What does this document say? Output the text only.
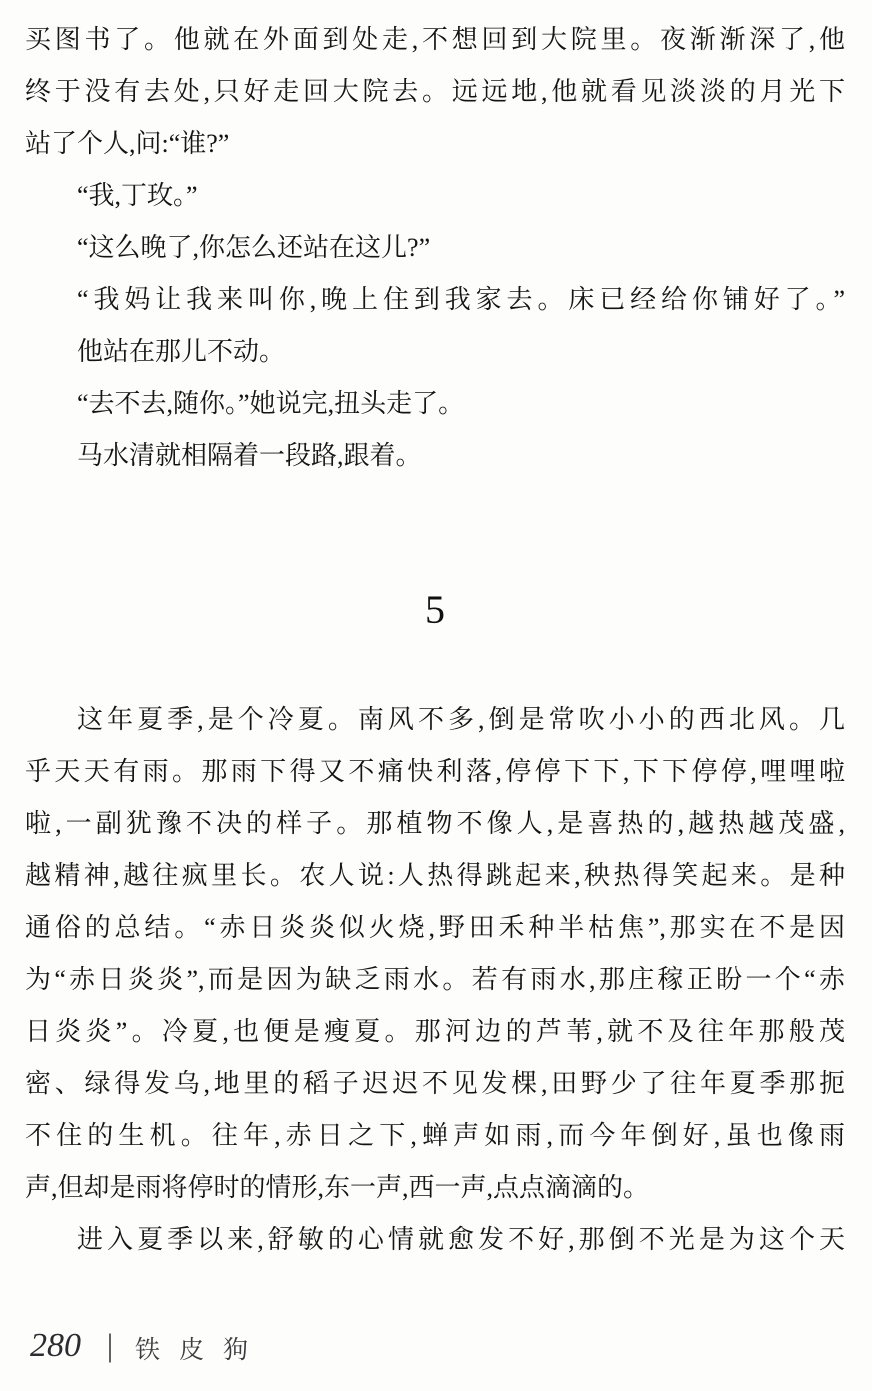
买图书了。他就在外面到处走,不想回到大院里。夜渐渐深了,他
终于没有去处,只好走回大院去。远远地,他就看见淡淡的月光下
站了个人,问:“谁?”
“我,丁玫。”
“这么晚了,你怎么还站在这儿?”
“我妈让我来叫你,晚上住到我家去。床已经给你铺好了。”
他站在那儿不动。
“去不去,随你。”她说完,扭头走了。
马水清就相隔着一段路,跟着。
5
这年夏季,是个冷夏。南风不多,倒是常吹小小的西北风。几
乎天天有雨。那雨下得又不痛快利落,停停下下,下下停停,哩哩啦
啦,一副犹豫不决的样子。那植物不像人,是喜热的,越热越茂盛,
越精神,越往疯里长。农人说:人热得跳起来,秧热得笑起来。是种
通俗的总结。“赤日炎炎似火烧,野田禾种半枯焦”,那实在不是因
为“赤日炎炎”,而是因为缺乏雨水。若有雨水,那庄稼正盼一个“赤
日炎炎”。冷夏,也便是瘦夏。那河边的芦苇,就不及往年那般茂
密、绿得发乌,地里的稻子迟迟不见发棵,田野少了往年夏季那扼
不住的生机。往年,赤日之下,蝉声如雨,而今年倒好,虽也像雨
声,但却是雨将停时的情形,东一声,西一声,点点滴滴的。
进入夏季以来,舒敏的心情就愈发不好,那倒不光是为这个天
280 | 铁皮狗
